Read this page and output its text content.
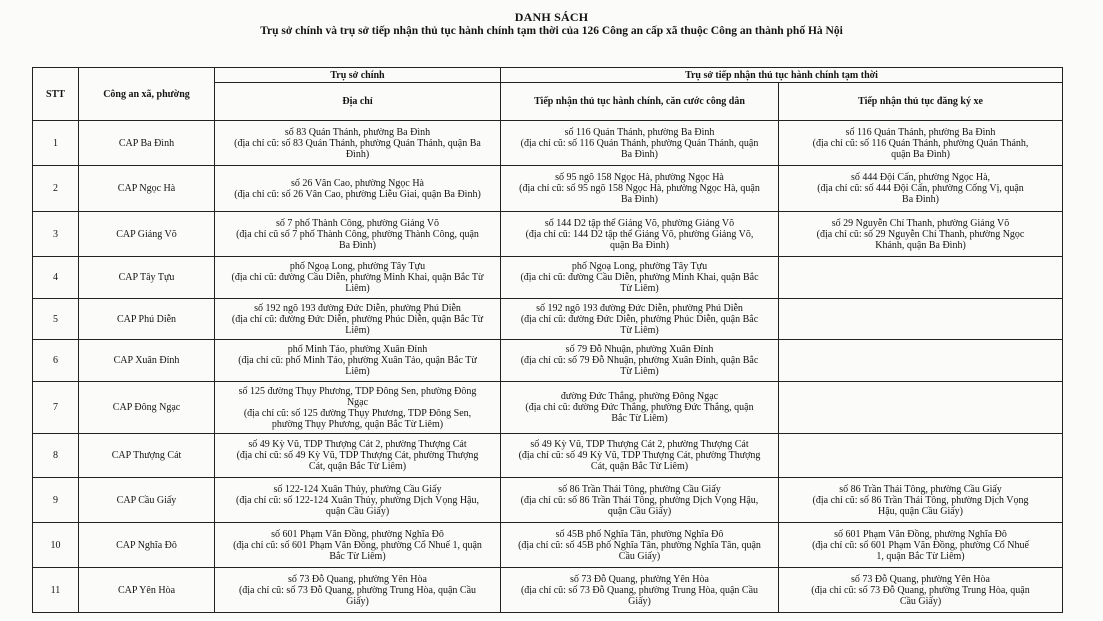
DANH SÁCH
Trụ sở chính và trụ sở tiếp nhận thủ tục hành chính tạm thời của 126 Công an cấp xã thuộc Công an thành phố Hà Nội
STT	Công an xã, phường	Trụ sở chính	Trụ sở tiếp nhận thủ tục hành chính tạm thời	
		Địa chỉ	Tiếp nhận thủ tục hành chính, căn cước công dân	Tiếp nhận thủ tục đăng ký xe
1	CAP Ba Đình	số 83 Quán Thánh, phường Ba Đình
(địa chỉ cũ: số 83 Quán Thánh, phường Quán Thánh, quận Ba
Đình)	số 116 Quán Thánh, phường Ba Đình
(địa chỉ cũ: số 116 Quán Thánh, phường Quán Thánh, quận
Ba Đình)	số 116 Quán Thánh, phường Ba Đình
(địa chỉ cũ: số 116 Quán Thánh, phường Quán Thánh,
quận Ba Đình)

2	CAP Ngọc Hà	số 26 Vân Cao, phường Ngọc Hà
(địa chỉ cũ: số 26 Vân Cao, phường Liễu Giai, quận Ba Đình)	số 95 ngõ 158 Ngọc Hà, phường Ngọc Hà
(địa chỉ cũ: số 95 ngõ 158 Ngọc Hà, phường Ngọc Hà, quận
Ba Đình)	số 444 Đội Cấn, phường Ngọc Hà,
(địa chỉ cũ: số 444 Đội Cấn, phường Cống Vị, quận
Ba Đình)

3	CAP Giảng Võ	số 7 phố Thành Công, phường Giảng Võ
(địa chỉ cũ số 7 phố Thành Công, phường Thành Công, quận
Ba Đình)	số 144 D2 tập thể Giảng Võ, phường Giảng Võ
(địa chỉ cũ: 144 D2 tập thể Giảng Võ, phường Giảng Võ,
quận Ba Đình)	số 29 Nguyễn Chí Thanh, phường Giảng Võ
(địa chỉ cũ: số 29 Nguyễn Chí Thanh, phường Ngọc
Khánh, quận Ba Đình)

4	CAP Tây Tựu	phố Ngoạ Long, phường Tây Tựu
(địa chỉ cũ: đường Cầu Diễn, phường Minh Khai, quận Bắc Từ
Liêm)	phố Ngoạ Long, phường Tây Tựu
(địa chỉ cũ: đường Cầu Diễn, phường Minh Khai, quận Bắc
Từ Liêm)	

5	CAP Phú Diễn	số 192 ngõ 193 đường Đức Diễn, phường Phú Diễn
(địa chỉ cũ: đường Đức Diễn, phường Phúc Diễn, quận Bắc Từ
Liêm)	số 192 ngõ 193 đường Đức Diễn, phường Phú Diễn
(địa chỉ cũ: đường Đức Diễn, phường Phúc Diễn, quận Bắc
Từ Liêm)	

6	CAP Xuân Đỉnh	phố Minh Tảo, phường Xuân Đỉnh
(địa chỉ cũ: phố Minh Tảo, phường Xuân Tảo, quận Bắc Từ
Liêm)	số 79 Đỗ Nhuận, phường Xuân Đỉnh
(địa chỉ cũ: số 79 Đỗ Nhuận, phường Xuân Đỉnh, quận Bắc
Từ Liêm)	

7	CAP Đông Ngạc	số 125 đường Thụy Phương, TDP Đông Sen, phường Đông
Ngạc
(địa chỉ cũ: số 125 đường Thụy Phương, TDP Đông Sen,
phường Thụy Phương, quận Bắc Từ Liêm)	đường Đức Thắng, phường Đông Ngạc
(địa chỉ cũ: đường Đức Thắng, phường Đức Thắng, quận
Bắc Từ Liêm)	

8	CAP Thượng Cát	số 49 Kỳ Vũ, TDP Thượng Cát 2, phường Thượng Cát
(địa chỉ cũ: số 49 Kỳ Vũ, TDP Thượng Cát, phường Thượng
Cát, quận Bắc Từ Liêm)	số 49 Kỳ Vũ, TDP Thượng Cát 2, phường Thượng Cát
(địa chỉ cũ: số 49 Kỳ Vũ, TDP Thượng Cát, phường Thượng
Cát, quận Bắc Từ Liêm)	

9	CAP Cầu Giấy	số 122-124 Xuân Thủy, phường Cầu Giấy
(địa chỉ cũ: số 122-124 Xuân Thủy, phường Dịch Vọng Hậu,
quận Cầu Giấy)	số 86 Trần Thái Tông, phường Cầu Giấy
(địa chỉ cũ: số 86 Trần Thái Tông, phường Dịch Vọng Hậu,
quận Cầu Giấy)	số 86 Trần Thái Tông, phường Cầu Giấy
(địa chỉ cũ: số 86 Trần Thái Tông, phường Dịch Vọng
Hậu, quận Cầu Giấy)

10	CAP Nghĩa Đô	số 601 Phạm Văn Đồng, phường Nghĩa Đô
(địa chỉ cũ: số 601 Phạm Văn Đồng, phường Cổ Nhuế 1, quận
Bắc Từ Liêm)	số 45B phố Nghĩa Tân, phường Nghĩa Đô
(địa chỉ cũ: số 45B phố Nghĩa Tân, phường Nghĩa Tân, quận
Cầu Giấy)	số 601 Phạm Văn Đồng, phường Nghĩa Đô
(địa chỉ cũ: số 601 Phạm Văn Đồng, phường Cổ Nhuế
1, quận Bắc Từ Liêm)

11	CAP Yên Hòa	số 73 Đỗ Quang, phường Yên Hòa
(địa chỉ cũ: số 73 Đỗ Quang, phường Trung Hòa, quận Cầu
Giấy)	số 73 Đỗ Quang, phường Yên Hòa
(địa chỉ cũ: số 73 Đỗ Quang, phường Trung Hòa, quận Cầu
Giấy)	số 73 Đỗ Quang, phường Yên Hòa
(địa chỉ cũ: số 73 Đỗ Quang, phường Trung Hòa, quận
Cầu Giấy)
